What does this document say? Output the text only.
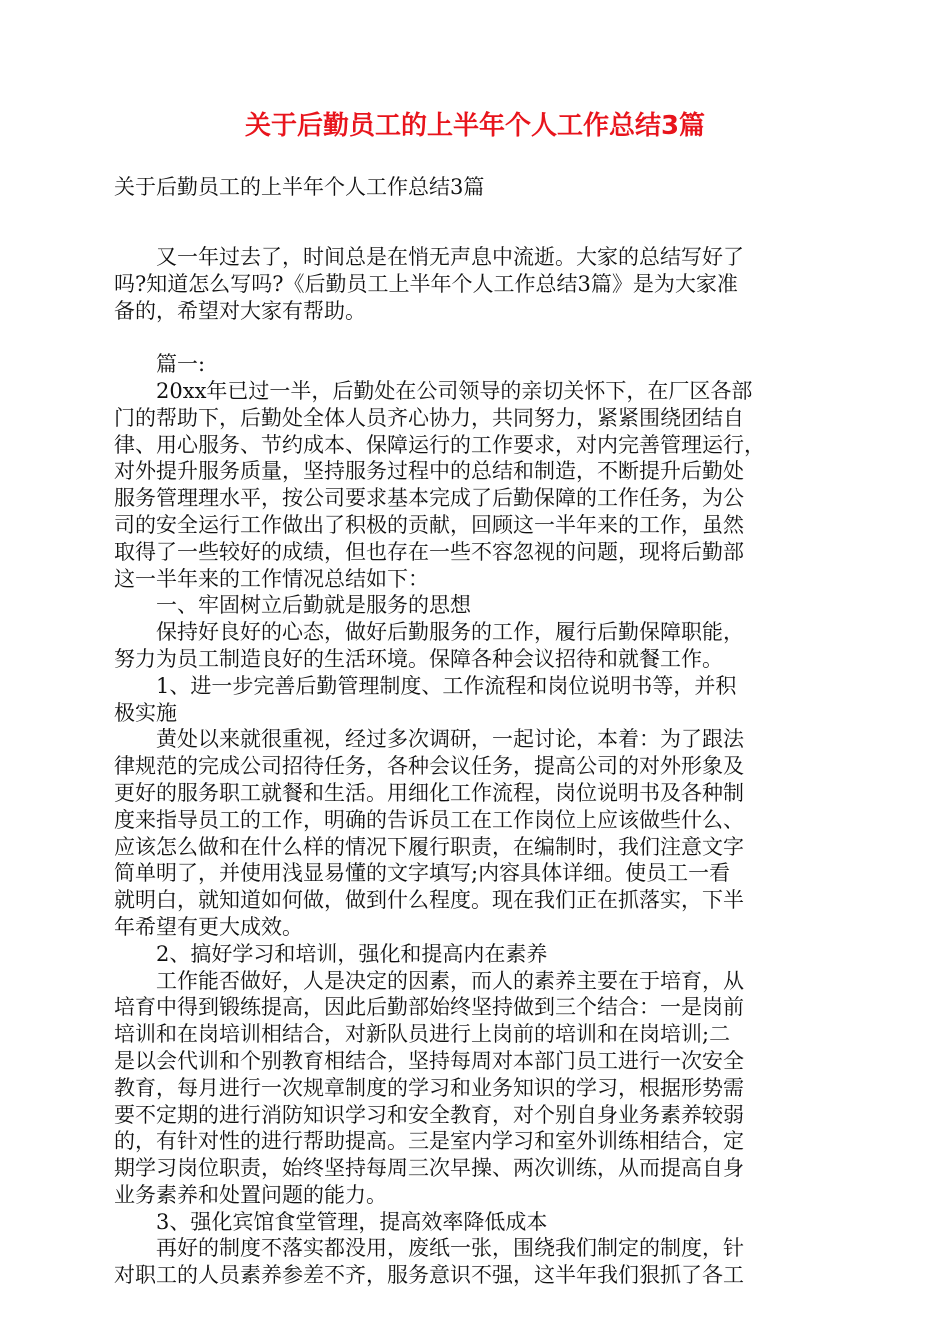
关于后勤员工的上半年个人工作总结3篇
关于后勤员工的上半年个人工作总结3篇
　　又一年过去了，时间总是在悄无声息中流逝。大家的总结写好了
吗?知道怎么写吗?《后勤员工上半年个人工作总结3篇》是为大家准
备的，希望对大家有帮助。
　　篇一:
　　20xx年已过一半，后勤处在公司领导的亲切关怀下，在厂区各部
门的帮助下，后勤处全体人员齐心协力，共同努力，紧紧围绕团结自
律、用心服务、节约成本、保障运行的工作要求，对内完善管理运行，
对外提升服务质量，坚持服务过程中的总结和制造，不断提升后勤处
服务管理理水平，按公司要求基本完成了后勤保障的工作任务，为公
司的安全运行工作做出了积极的贡献，回顾这一半年来的工作，虽然
取得了一些较好的成绩，但也存在一些不容忽视的问题，现将后勤部
这一半年来的工作情况总结如下：
　　一、牢固树立后勤就是服务的思想
　　保持好良好的心态，做好后勤服务的工作，履行后勤保障职能，
努力为员工制造良好的生活环境。保障各种会议招待和就餐工作。
　　1、进一步完善后勤管理制度、工作流程和岗位说明书等，并积
极实施
　　黄处以来就很重视，经过多次调研，一起讨论，本着：为了跟法
律规范的完成公司招待任务，各种会议任务，提高公司的对外形象及
更好的服务职工就餐和生活。用细化工作流程，岗位说明书及各种制
度来指导员工的工作，明确的告诉员工在工作岗位上应该做些什么、
应该怎么做和在什么样的情况下履行职责，在编制时，我们注意文字
简单明了，并使用浅显易懂的文字填写;内容具体详细。使员工一看
就明白，就知道如何做，做到什么程度。现在我们正在抓落实，下半
年希望有更大成效。
　　2、搞好学习和培训，强化和提高内在素养
　　工作能否做好，人是决定的因素，而人的素养主要在于培育，从
培育中得到锻练提高，因此后勤部始终坚持做到三个结合：一是岗前
培训和在岗培训相结合，对新队员进行上岗前的培训和在岗培训;二
是以会代训和个别教育相结合，坚持每周对本部门员工进行一次安全
教育，每月进行一次规章制度的学习和业务知识的学习，根据形势需
要不定期的进行消防知识学习和安全教育，对个别自身业务素养较弱
的，有针对性的进行帮助提高。三是室内学习和室外训练相结合，定
期学习岗位职责，始终坚持每周三次早操、两次训练，从而提高自身
业务素养和处置问题的能力。
　　3、强化宾馆食堂管理，提高效率降低成本
　　再好的制度不落实都没用，废纸一张，围绕我们制定的制度，针
对职工的人员素养参差不齐，服务意识不强，这半年我们狠抓了各工
